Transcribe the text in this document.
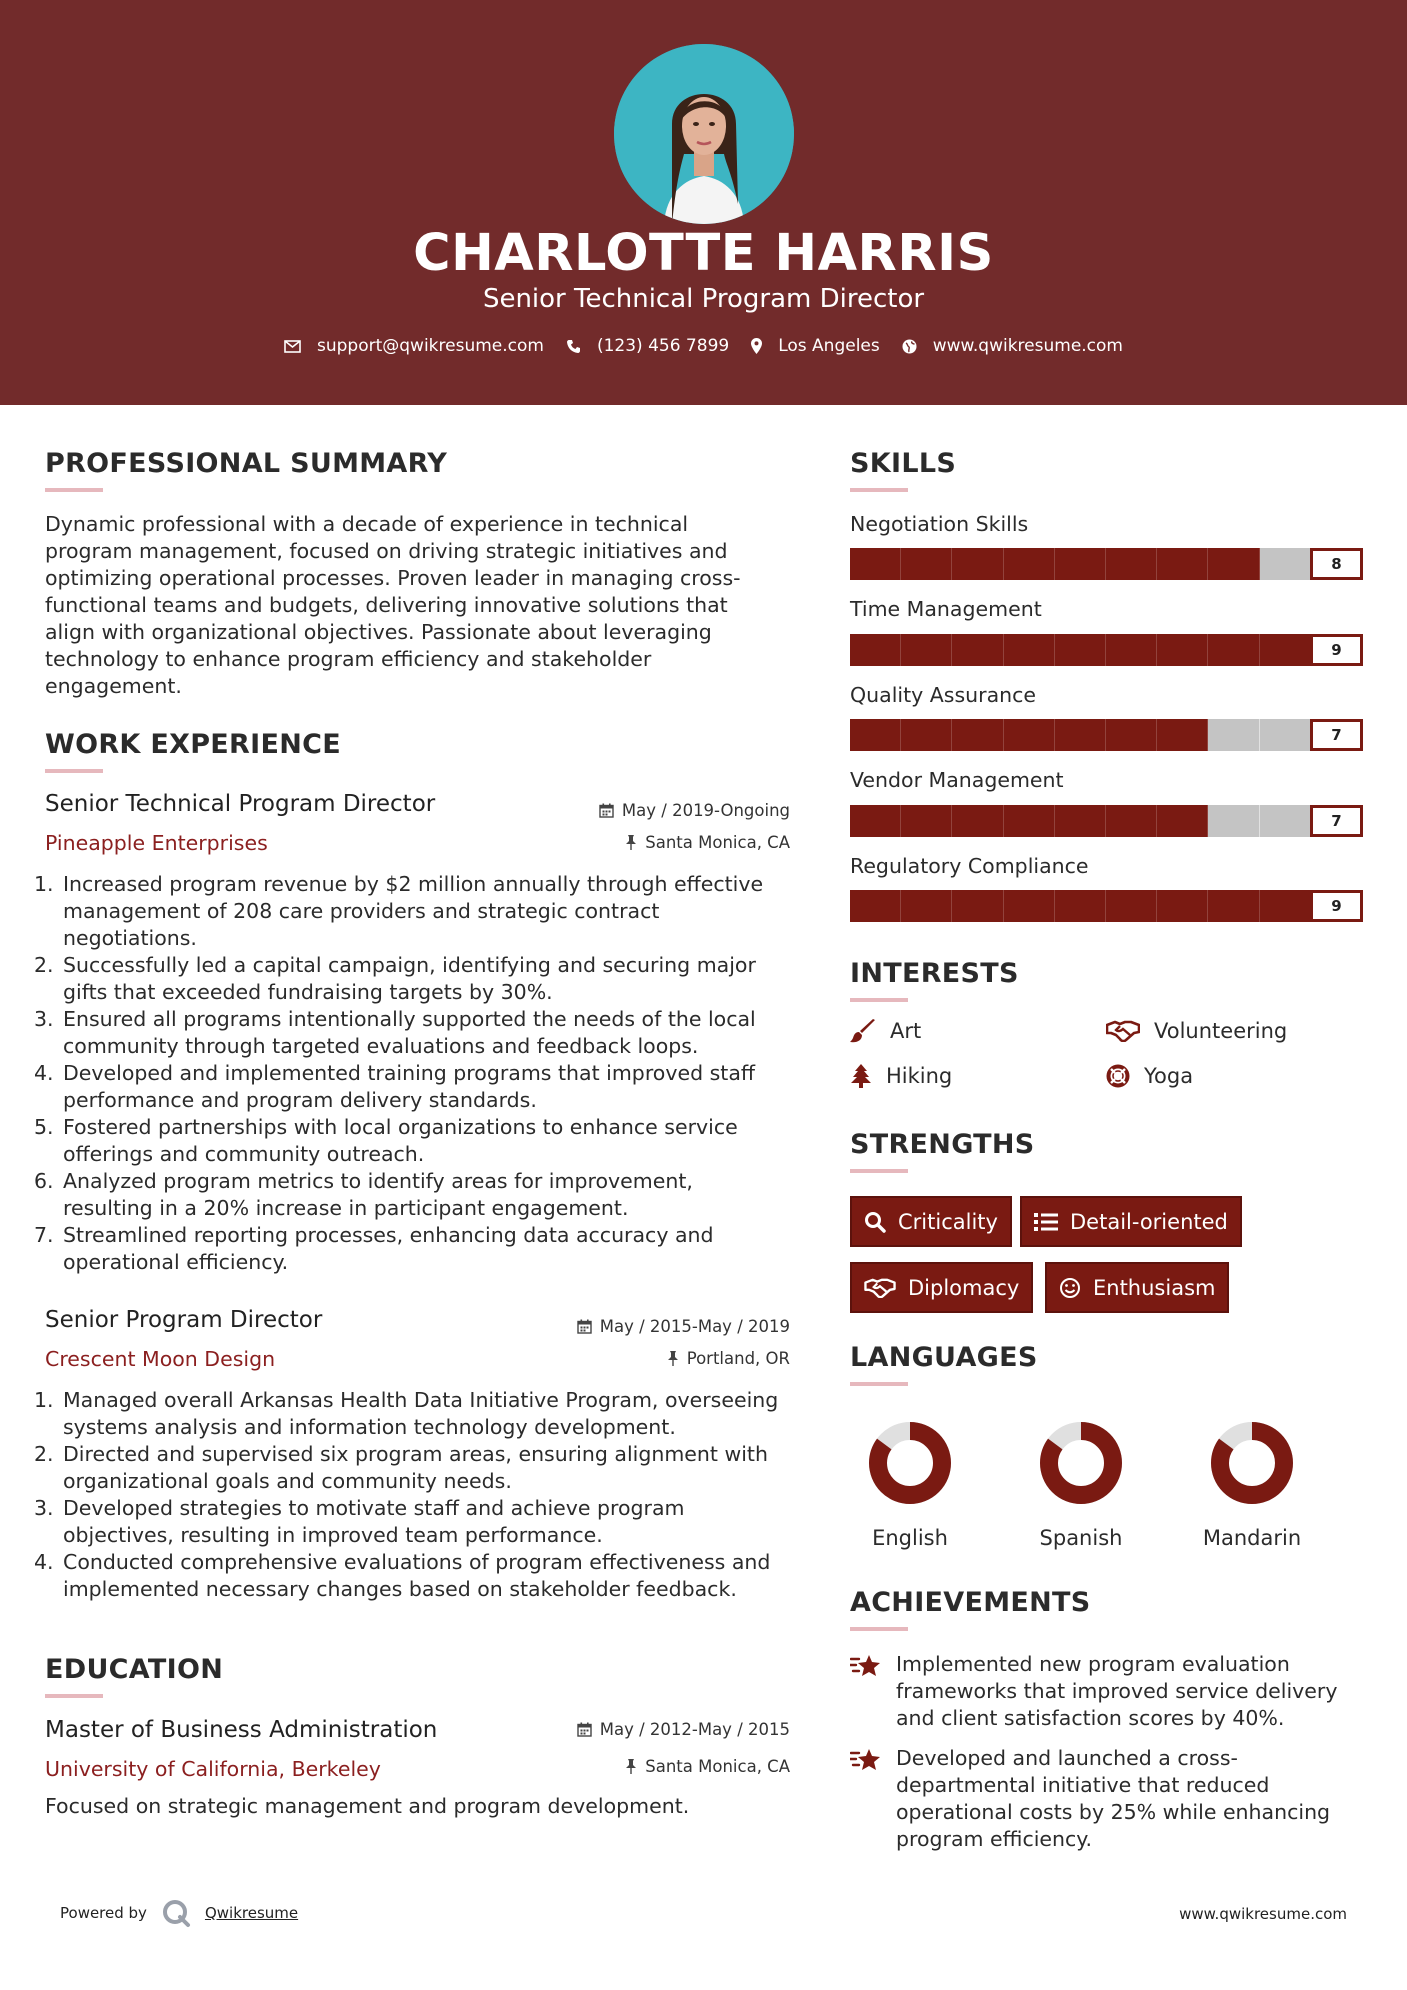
CHARLOTTE HARRIS
Senior Technical Program Director
support@qwikresume.com	(123) 456 7899	Los Angeles	www.qwikresume.com
PROFESSIONAL SUMMARY
Dynamic professional with a decade of experience in technical
program management, focused on driving strategic initiatives and
optimizing operational processes. Proven leader in managing cross-
functional teams and budgets, delivering innovative solutions that
align with organizational objectives. Passionate about leveraging
technology to enhance program efficiency and stakeholder
engagement.
WORK EXPERIENCE
Senior Technical Program Director	May / 2019-Ongoing
Pineapple Enterprises	Santa Monica, CA
1. Increased program revenue by $2 million annually through effective
management of 208 care providers and strategic contract
negotiations.
2. Successfully led a capital campaign, identifying and securing major
gifts that exceeded fundraising targets by 30%.
3. Ensured all programs intentionally supported the needs of the local
community through targeted evaluations and feedback loops.
4. Developed and implemented training programs that improved staff
performance and program delivery standards.
5. Fostered partnerships with local organizations to enhance service
offerings and community outreach.
6. Analyzed program metrics to identify areas for improvement,
resulting in a 20% increase in participant engagement.
7. Streamlined reporting processes, enhancing data accuracy and
operational efficiency.
Senior Program Director	May / 2015-May / 2019
Crescent Moon Design	Portland, OR
1. Managed overall Arkansas Health Data Initiative Program, overseeing
systems analysis and information technology development.
2. Directed and supervised six program areas, ensuring alignment with
organizational goals and community needs.
3. Developed strategies to motivate staff and achieve program
objectives, resulting in improved team performance.
4. Conducted comprehensive evaluations of program effectiveness and
implemented necessary changes based on stakeholder feedback.
EDUCATION
Master of Business Administration	May / 2012-May / 2015
University of California, Berkeley	Santa Monica, CA
Focused on strategic management and program development.
SKILLS
Negotiation Skills
8
Time Management
9
Quality Assurance
7
Vendor Management
7
Regulatory Compliance
9
INTERESTS
Art	Volunteering
Hiking	Yoga
STRENGTHS
Criticality	Detail-oriented
Diplomacy	Enthusiasm
LANGUAGES
English	Spanish	Mandarin
ACHIEVEMENTS
Implemented new program evaluation
frameworks that improved service delivery
and client satisfaction scores by 40%.
Developed and launched a cross-
departmental initiative that reduced
operational costs by 25% while enhancing
program efficiency.
Powered by	Qwikresume	www.qwikresume.com
